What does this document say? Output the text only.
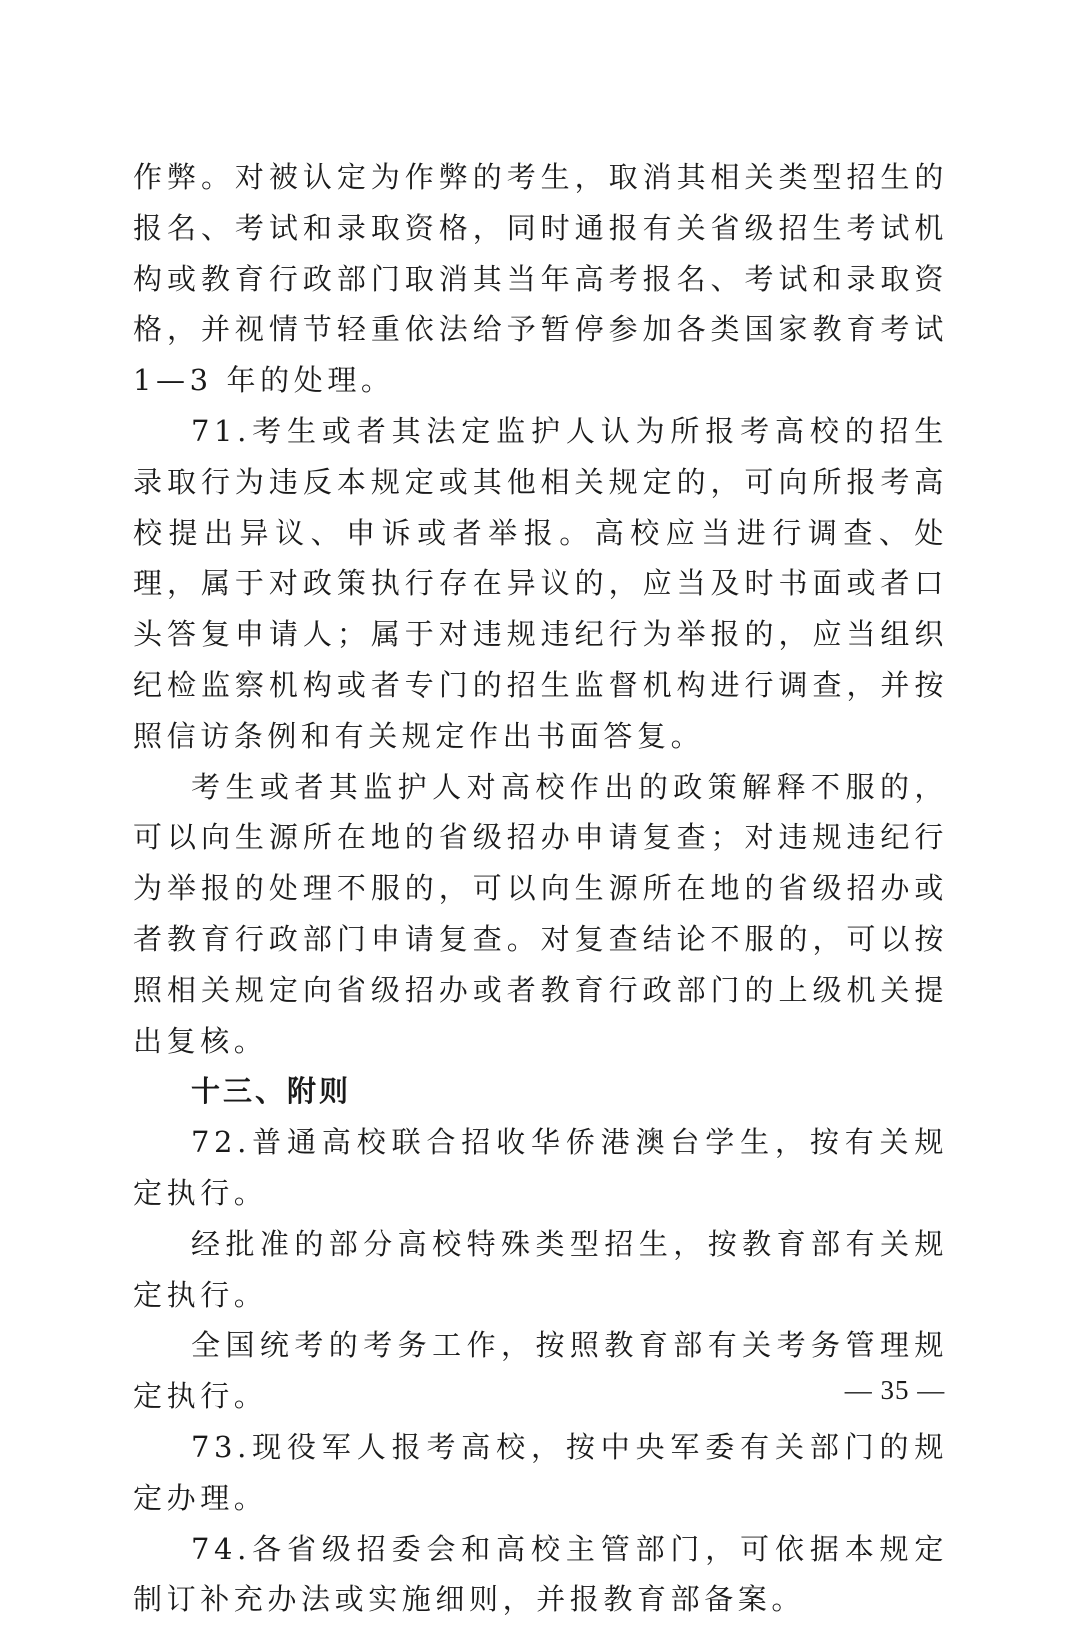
作弊。对被认定为作弊的考生，取消其相关类型招生的报名、考试和录取资格，同时通报有关省级招生考试机构或教育行政部门取消其当年高考报名、考试和录取资格，并视情节轻重依法给予暂停参加各类国家教育考试 1—3 年的处理。

71.考生或者其法定监护人认为所报考高校的招生录取行为违反本规定或其他相关规定的，可向所报考高校提出异议、申诉或者举报。高校应当进行调查、处理，属于对政策执行存在异议的，应当及时书面或者口头答复申请人；属于对违规违纪行为举报的，应当组织纪检监察机构或者专门的招生监督机构进行调查，并按照信访条例和有关规定作出书面答复。

考生或者其监护人对高校作出的政策解释不服的，可以向生源所在地的省级招办申请复查；对违规违纪行为举报的处理不服的，可以向生源所在地的省级招办或者教育行政部门申请复查。对复查结论不服的，可以按照相关规定向省级招办或者教育行政部门的上级机关提出复核。

十三、附则

72.普通高校联合招收华侨港澳台学生，按有关规定执行。

经批准的部分高校特殊类型招生，按教育部有关规定执行。

全国统考的考务工作，按照教育部有关考务管理规定执行。

73.现役军人报考高校，按中央军委有关部门的规定办理。

74.各省级招委会和高校主管部门，可依据本规定制订补充办法或实施细则，并报教育部备案。

— 35 —
